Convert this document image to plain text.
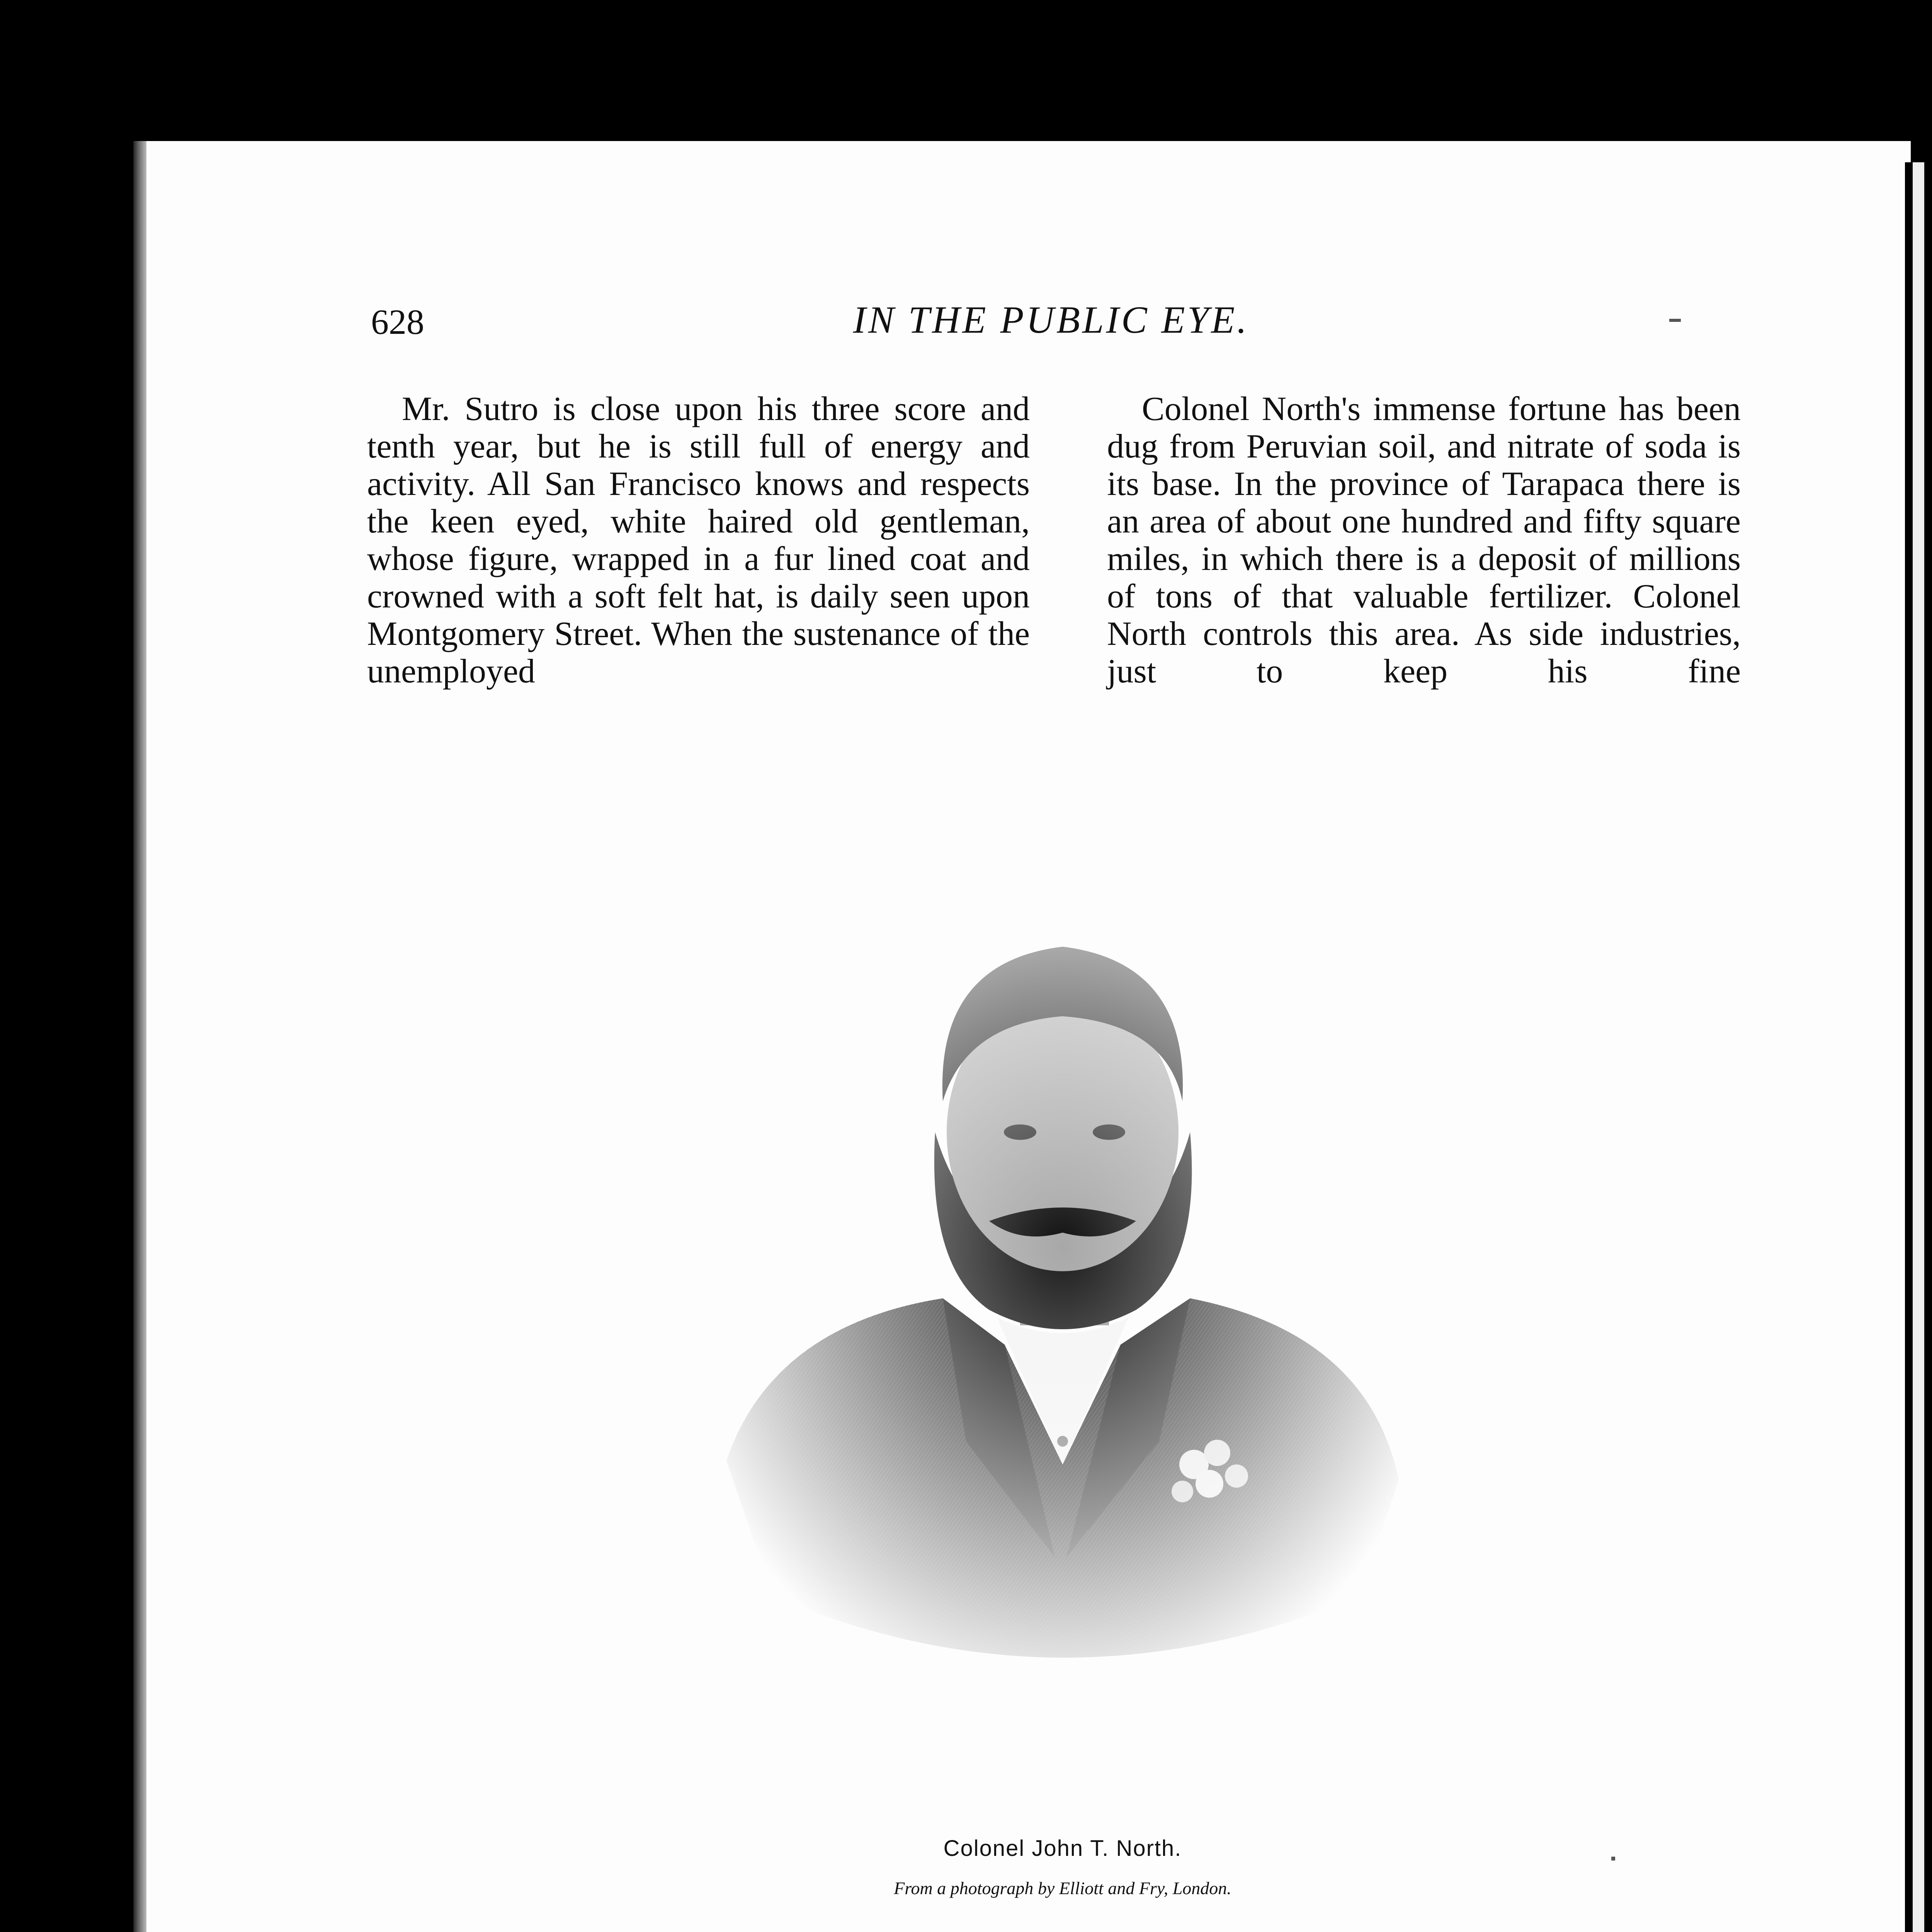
628	IN THE PUBLIC EYE.

Mr. Sutro is close upon his three score and tenth year, but he is still full of energy and activity. All San Francisco knows and respects the keen eyed, white haired old gentleman, whose figure, wrapped in a fur lined coat and crowned with a soft felt hat, is daily seen upon Montgomery Street. When the sustenance of the unemployed

Colonel North's immense fortune has been dug from Peruvian soil, and nitrate of soda is its base. In the province of Tarapaca there is an area of about one hundred and fifty square miles, in which there is a deposit of millions of tons of that valuable fertilizer. Colonel North controls this area. As side industries, just to keep his fine

Colonel John T. North.
From a photograph by Elliott and Fry, London.
